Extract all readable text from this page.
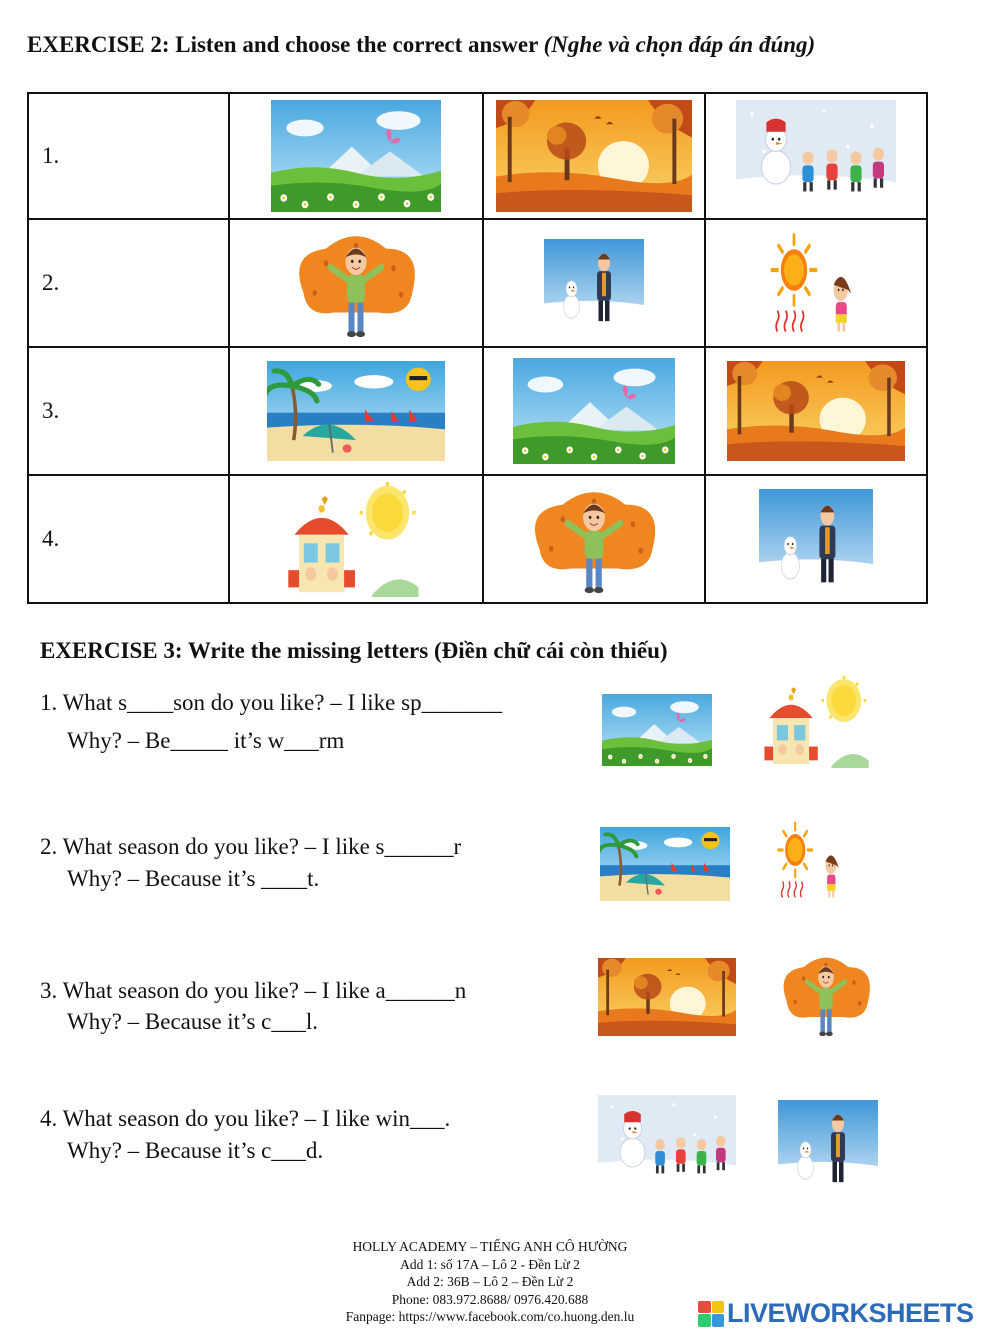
EXERCISE 2: Listen and choose the correct answer (Nghe và chọn đáp án đúng)
1.	

2.	

3.	

4.	

EXERCISE 3: Write the missing letters (Điền chữ cái còn thiếu)
1. What s____son do you like? – I like sp_______
Why? – Be_____ it’s w___rm
2. What season do you like? – I like s______r
Why? – Because it’s ____t.
3. What season do you like? – I like a______n
Why? – Because it’s c___l.
4. What season do you like? – I like win___.
Why? – Because it’s c___d.
HOLLY ACADEMY – TIẾNG ANH CÔ HƯỜNG
Add 1: số 17A – Lô 2 - Đền Lừ 2
Add 2: 36B – Lô 2 – Đền Lừ 2
Phone: 083.972.8688/ 0976.420.688
Fanpage: https://www.facebook.com/co.huong.den.lu	LIVEWORKSHEETS
